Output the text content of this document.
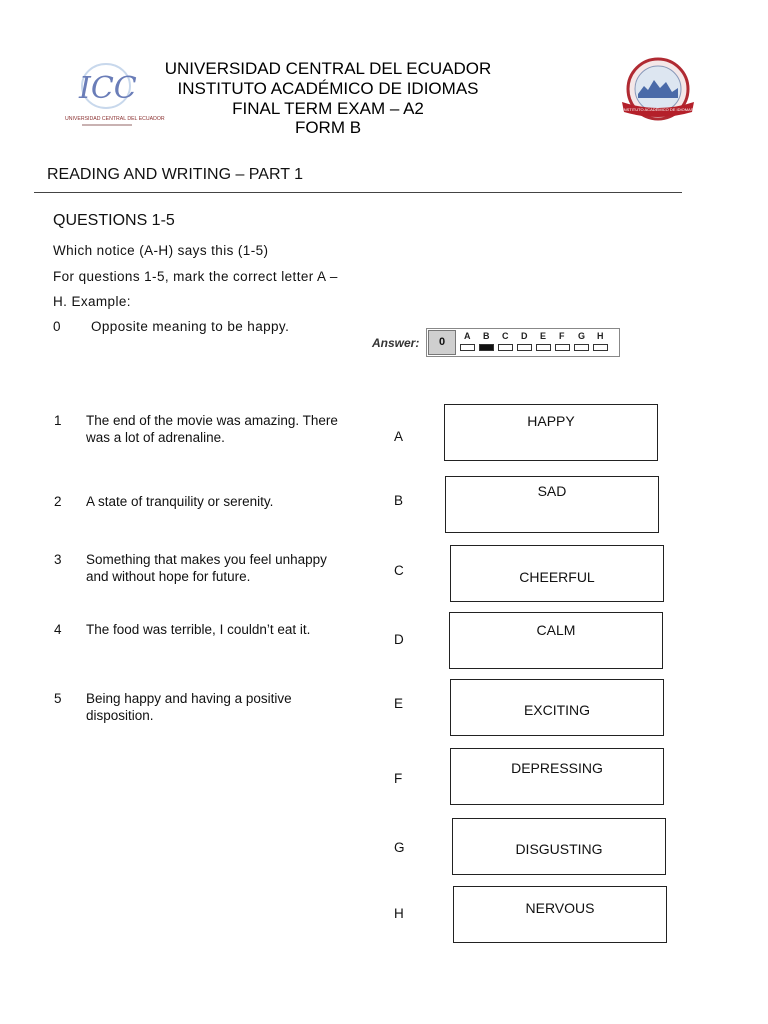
ICC
UNIVERSIDAD CENTRAL DEL ECUADOR
UNIVERSIDAD CENTRAL DEL ECUADOR
INSTITUTO ACADÉMICO DE IDIOMAS
FINAL TERM EXAM – A2
FORM B
INSTITUTO ACADÉMICO DE IDIOMAS
READING AND WRITING – PART 1
QUESTIONS 1-5
Which notice (A-H) says this (1-5)
For questions 1-5, mark the correct letter A –
H. Example:
0 Opposite meaning to be happy.
Answer:	0	A B C D E F G H
1 The end of the movie was amazing. There
was a lot of adrenaline.
2 A state of tranquility or serenity.
3 Something that makes you feel unhappy
and without hope for future.
4 The food was terrible, I couldn’t eat it.
5 Being happy and having a positive
disposition.
A
B
C
D
E
F
G
H
HAPPY
SAD
CHEERFUL
CALM
EXCITING
DEPRESSING
DISGUSTING
NERVOUS
